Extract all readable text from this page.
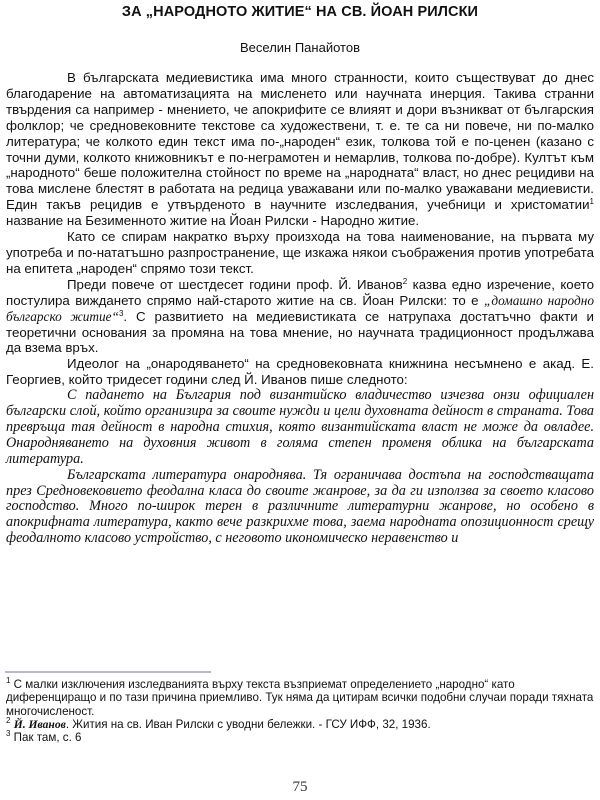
ЗА „НАРОДНОТО ЖИТИЕ“ НА СВ. ЙОАН РИЛСКИ
Веселин Панайотов

В българската медиевистика има много странности, които съществуват до днес благодарение на автоматизацията на мисленето или научната инерция. Такива странни твърдения са например - мнението, че апокрифите се влияят и дори възникват от българския фолклор; че средновековните текстове са художествени, т. е. те са ни повече, ни по-малко литература; че колкото един текст има по-„народен“ език, толкова той е по-ценен (казано с точни думи, колкото книжовникът е по-неграмотен и немарлив, толкова по-добре). Култът към „народното“ беше положителна стойност по време на „народната“ власт, но днес рецидиви на това мислене блестят в работата на редица уважавани или по-малко уважавани медиевисти. Един такъв рецидив е утвърденото в научните изследвания, учебници и христоматии$^1$ название на Безименното житие на Йоан Рилски - Народно житие.

Като се спирам накратко върху произхода на това наименование, на първата му употреба и по-нататъшно разпространение, ще изкажа някои съображения против употребата на епитета „народен“ спрямо този текст.

Преди повече от шестдесет години проф. Й. Иванов$^2$ казва едно изречение, което постулира виждането спрямо най-старото житие на св. Йоан Рилски: то е „домашно народно българско житие“$^3$. С развитието на медиевистиката се натрупаха достатъчно факти и теоретични основания за промяна на това мнение, но научната традиционност продължава да взема връх.

Идеолог на „онародяването“ на средновековната книжнина несъмнено е акад. Е. Георгиев, който тридесет години след Й. Иванов пише следното:

С падането на България под византийско владичество изчезва онзи официален български слой, който организира за своите нужди и цели духовната дейност в страната. Това превръща тая дейност в народна стихия, която византийската власт не може да овладее. Онародняването на духовния живот в голяма степен променя облика на българската литература.

Българската литература онароднява. Тя ограничава достъпа на господстващата през Средновековието феодална класа до своите жанрове, за да ги използва за своето класово господство. Много по-широк терен в различните литературни жанрове, но особено в апокрифната литература, както вече разкрихме това, заема народната опозиционност срещу феодалното класово устройство, с неговото икономическо неравенство и

$^1$ С малки изключения изследванията върху текста възприемат определението „народно“ като диференциращо и по тази причина приемливо. Тук няма да цитирам всички подобни случаи поради тяхната многочисленост.
$^2$ Й. Иванов. Жития на св. Иван Рилски с уводни бележки. - ГСУ ИФФ, 32, 1936.
$^3$ Пак там, с. 6
75
